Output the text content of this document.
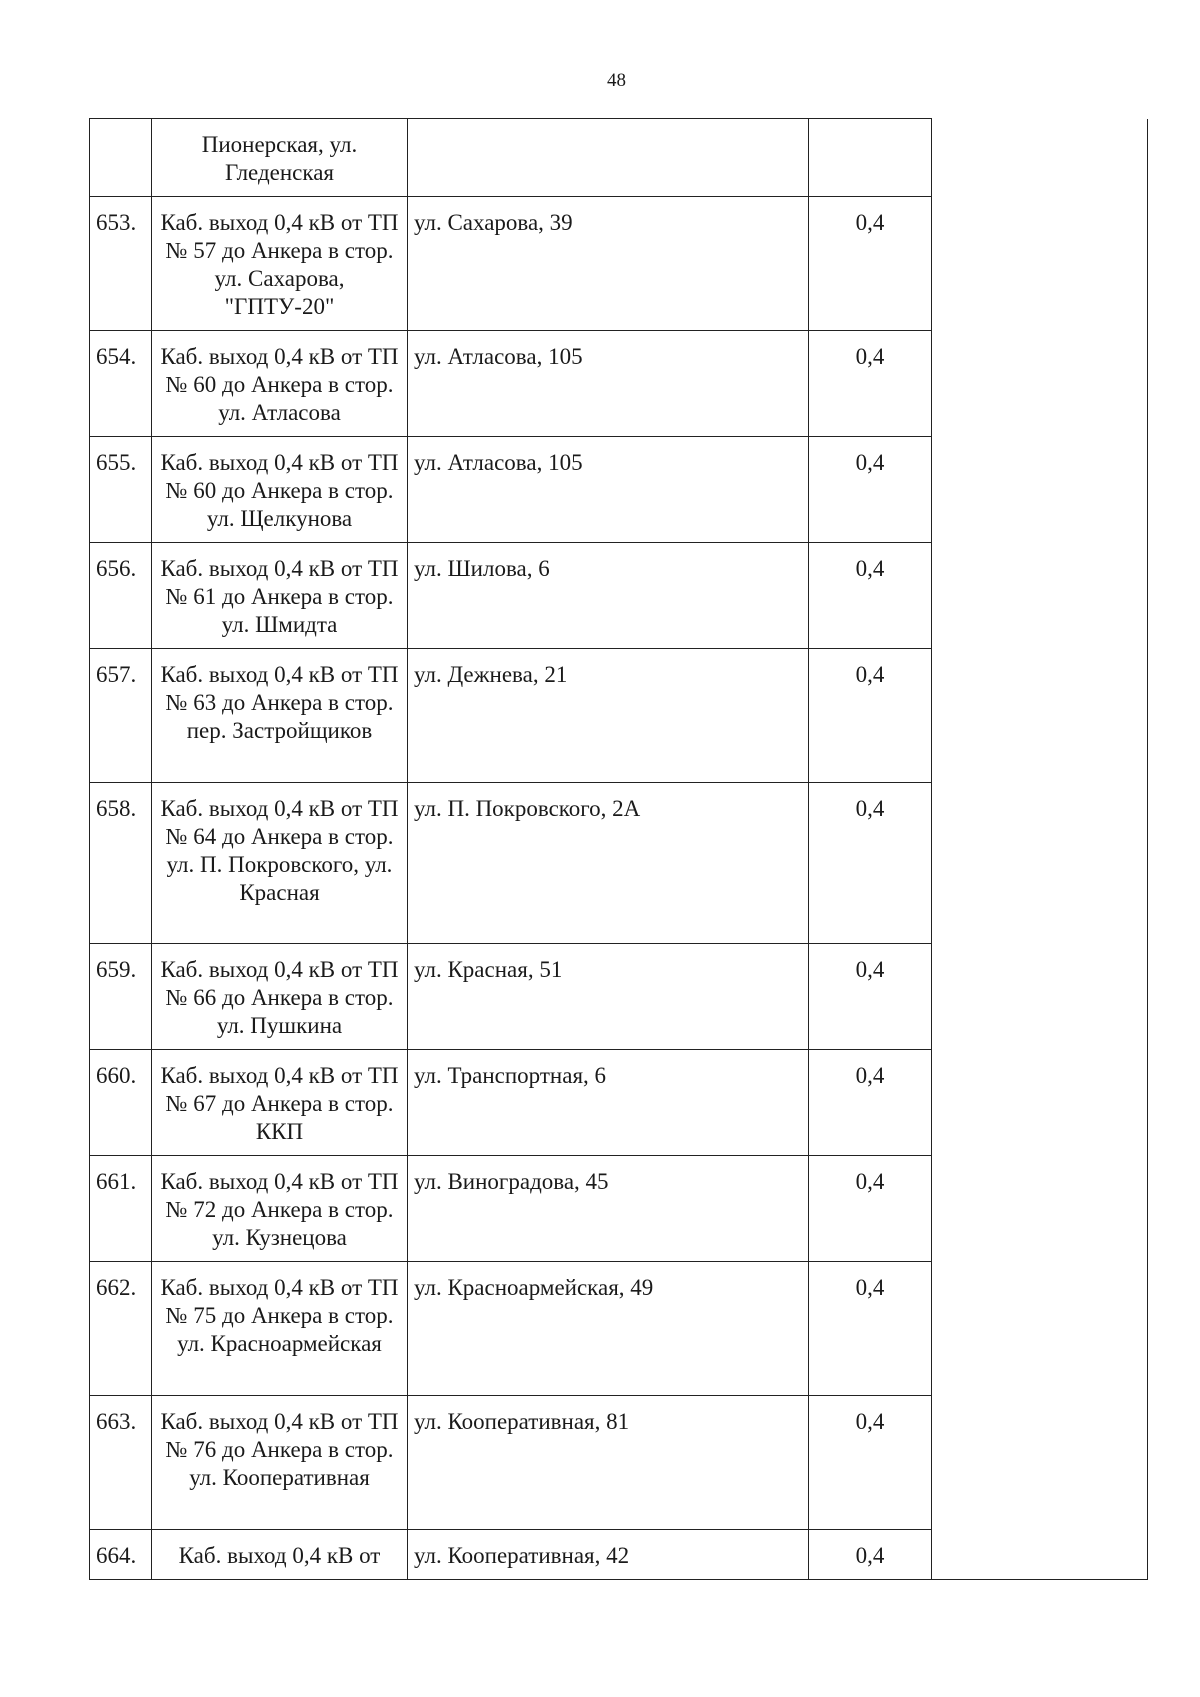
48
	Пионерская, ул. Гледенская			
653.	Каб. выход 0,4 кВ от ТП № 57 до Анкера в стор. ул. Сахарова, "ГПТУ-20"	ул. Сахарова, 39	0,4	
654.	Каб. выход 0,4 кВ от ТП № 60 до Анкера в стор. ул. Атласова	ул. Атласова, 105	0,4	
655.	Каб. выход 0,4 кВ от ТП № 60 до Анкера в стор. ул. Щелкунова	ул. Атласова, 105	0,4	
656.	Каб. выход 0,4 кВ от ТП № 61 до Анкера в стор. ул. Шмидта	ул. Шилова, 6	0,4	
657.	Каб. выход 0,4 кВ от ТП № 63 до Анкера в стор. пер. Застройщиков	ул. Дежнева, 21	0,4	
658.	Каб. выход 0,4 кВ от ТП № 64 до Анкера в стор. ул. П. Покровского, ул. Красная	ул. П. Покровского, 2А	0,4	
659.	Каб. выход 0,4 кВ от ТП № 66 до Анкера в стор. ул. Пушкина	ул. Красная, 51	0,4	
660.	Каб. выход 0,4 кВ от ТП № 67 до Анкера в стор. ККП	ул. Транспортная, 6	0,4	
661.	Каб. выход 0,4 кВ от ТП № 72 до Анкера в стор. ул. Кузнецова	ул. Виноградова, 45	0,4	
662.	Каб. выход 0,4 кВ от ТП № 75 до Анкера в стор. ул. Красноармейская	ул. Красноармейская, 49	0,4	
663.	Каб. выход 0,4 кВ от ТП № 76 до Анкера в стор. ул. Кооперативная	ул. Кооперативная, 81	0,4	
664.	Каб. выход 0,4 кВ от	ул. Кооперативная, 42	0,4	
